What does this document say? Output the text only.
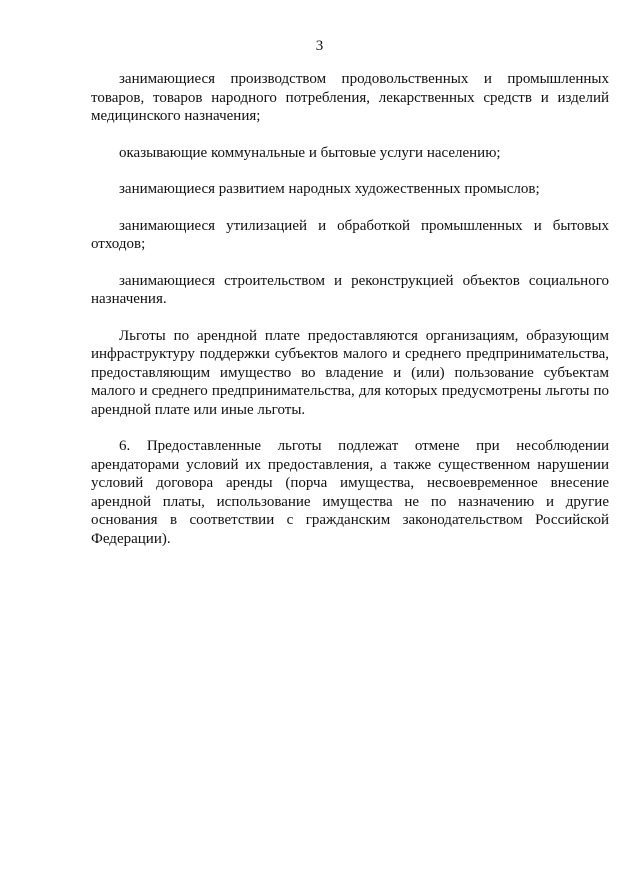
3

занимающиеся производством продовольственных и промышленных товаров, товаров народного потребления, лекарственных средств и изделий медицинского назначения;

оказывающие коммунальные и бытовые услуги населению;

занимающиеся развитием народных художественных промыслов;

занимающиеся утилизацией и обработкой промышленных и бытовых отходов;

занимающиеся строительством и реконструкцией объектов социального назначения.

Льготы по арендной плате предоставляются организациям, образующим инфраструктуру поддержки субъектов малого и среднего предпринимательства, предоставляющим имущество во владение и (или) пользование субъектам малого и среднего предпринимательства, для которых предусмотрены льготы по арендной плате или иные льготы.

6. Предоставленные льготы подлежат отмене при несоблюдении арендаторами условий их предоставления, а также существенном нарушении условий договора аренды (порча имущества, несвоевременное внесение арендной платы, использование имущества не по назначению и другие основания в соответствии с гражданским законодательством Российской Федерации).
